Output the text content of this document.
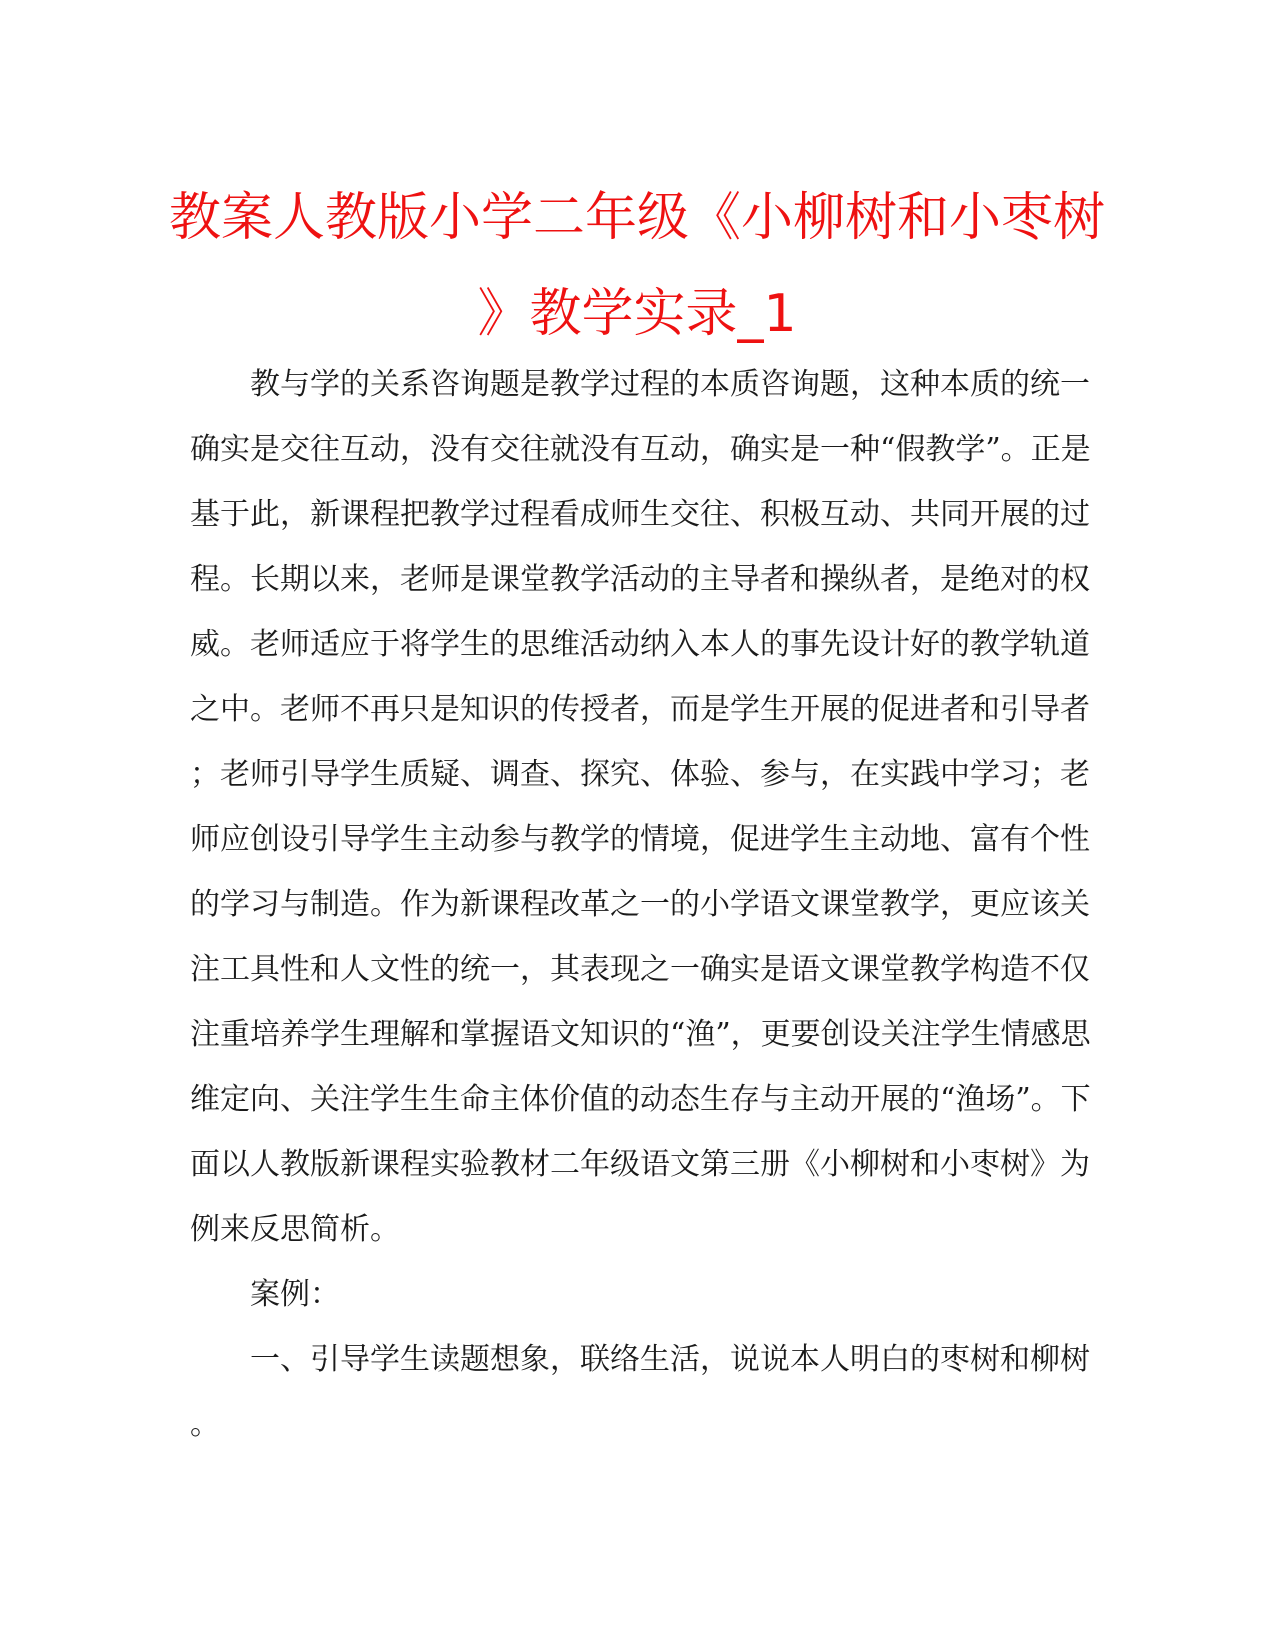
教案人教版小学二年级《小柳树和小枣树
》教学实录_1

教与学的关系咨询题是教学过程的本质咨询题，这种本质的统一
确实是交往互动，没有交往就没有互动，确实是一种“假教学”。正是
基于此，新课程把教学过程看成师生交往、积极互动、共同开展的过
程。长期以来，老师是课堂教学活动的主导者和操纵者，是绝对的权
威。老师适应于将学生的思维活动纳入本人的事先设计好的教学轨道
之中。老师不再只是知识的传授者，而是学生开展的促进者和引导者
；老师引导学生质疑、调查、探究、体验、参与，在实践中学习；老
师应创设引导学生主动参与教学的情境，促进学生主动地、富有个性
的学习与制造。作为新课程改革之一的小学语文课堂教学，更应该关
注工具性和人文性的统一，其表现之一确实是语文课堂教学构造不仅
注重培养学生理解和掌握语文知识的“渔”，更要创设关注学生情感思
维定向、关注学生生命主体价值的动态生存与主动开展的“渔场”。下
面以人教版新课程实验教材二年级语文第三册《小柳树和小枣树》为
例来反思简析。

案例：

一、引导学生读题想象，联络生活，说说本人明白的枣树和柳树
。
